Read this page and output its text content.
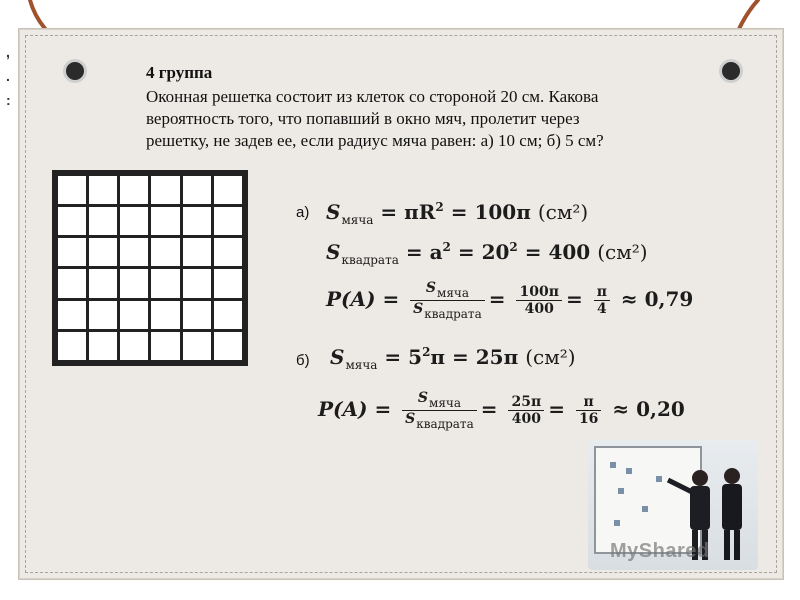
,
.
:
4 группа
Оконная решетка состоит из клеток со стороной 20 см. Какова
вероятность того, что попавший в окно мяч, пролетит через
решетку, не задев ее, если радиус мяча равен: а) 10 см; б) 5 см?
а) $S_{мяча} = \pi R^2 = 100\pi$ (см²)
$S_{квадрата} = a^2 = 20^2 = 400$ (см²)
$P(A) = \frac{\text{Sмяча}}{\text{Sквадрата}} = \frac{100\pi}{400} = \frac{\pi}{4} \approx 0,79$
б) $S_{мяча} = 5^2\pi = 25\pi$ (см²)
$P(A) = \frac{\text{Sмяча}}{\text{Sквадрата}} = \frac{25\pi}{400} = \frac{\pi}{16} \approx 0,20$
MyShared
